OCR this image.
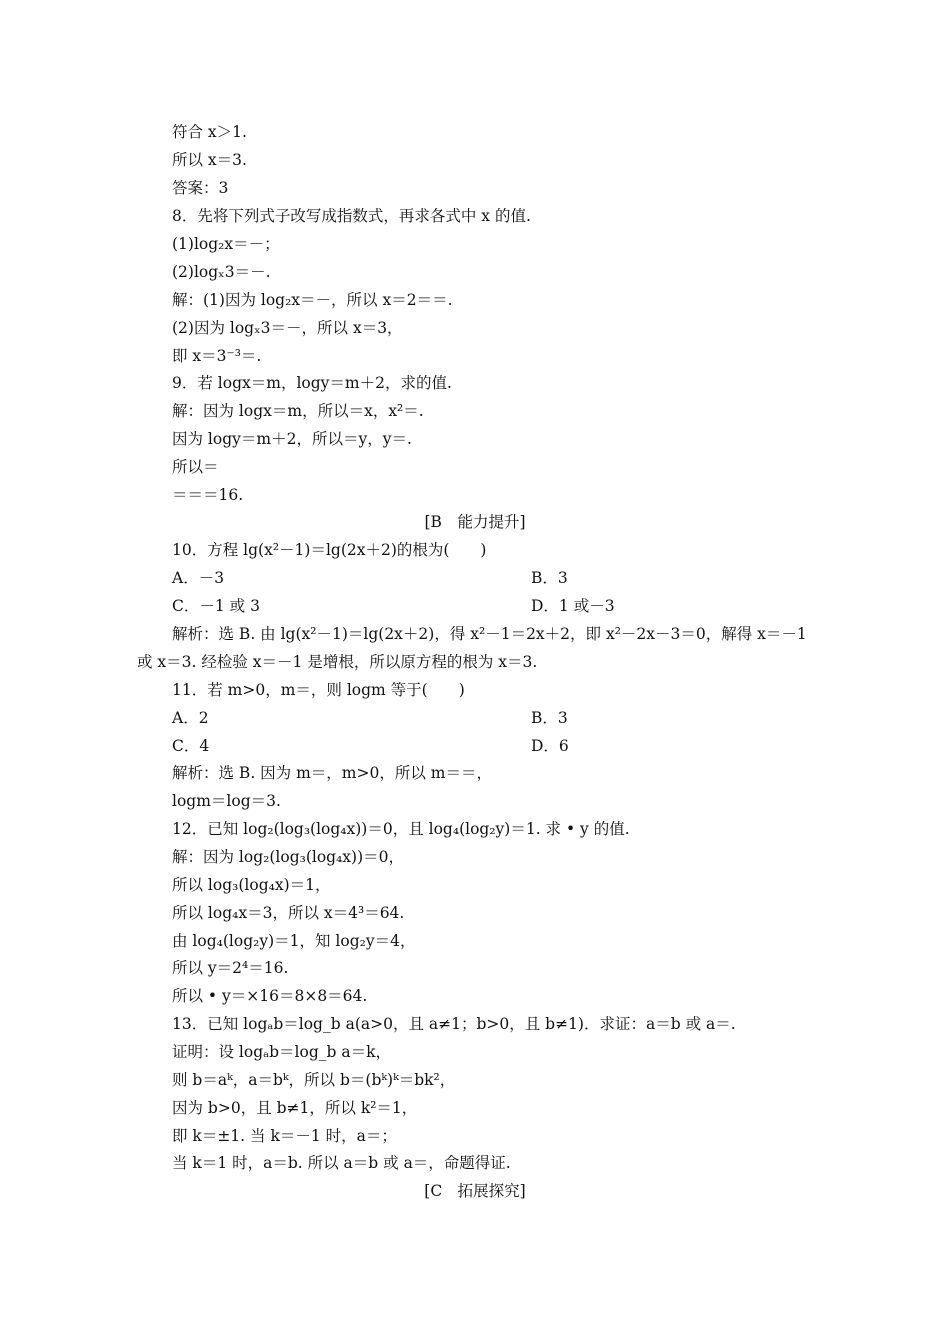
符合 x＞1.
所以 x＝3.
答案：3
8．先将下列式子改写成指数式，再求各式中 x 的值.
(1)log₂x＝－；
(2)logₓ3＝－.
解：(1)因为 log₂x＝－，所以 x＝2＝＝.
(2)因为 logₓ3＝－，所以 x＝3，
即 x＝3⁻³＝.
9．若 logx＝m，logy＝m＋2，求的值.
解：因为 logx＝m，所以＝x，x²＝.
因为 logy＝m＋2，所以＝y，y＝.
所以＝
＝＝＝16.
[B　能力提升]
10．方程 lg(x²－1)＝lg(2x＋2)的根为(　　)
A．－3	B．3
C．－1 或 3	D．1 或－3
解析：选 B. 由 lg(x²－1)＝lg(2x＋2)，得 x²－1＝2x＋2，即 x²－2x－3＝0，解得 x＝－1
或 x＝3. 经检验 x＝－1 是增根，所以原方程的根为 x＝3.
11．若 m>0，m＝，则 logm 等于(　　)
A．2	B．3
C．4	D．6
解析：选 B. 因为 m＝，m>0，所以 m＝＝，
logm＝log＝3.
12．已知 log₂(log₃(log₄x))＝0，且 log₄(log₂y)＝1. 求 • y 的值.
解：因为 log₂(log₃(log₄x))＝0，
所以 log₃(log₄x)＝1，
所以 log₄x＝3，所以 x＝4³＝64.
由 log₄(log₂y)＝1，知 log₂y＝4，
所以 y＝2⁴＝16.
所以 • y＝×16＝8×8＝64.
13．已知 logₐb＝log_b a(a>0，且 a≠1；b>0，且 b≠1)．求证：a＝b 或 a＝.
证明：设 logₐb＝log_b a＝k，
则 b＝aᵏ，a＝bᵏ，所以 b＝(bᵏ)ᵏ＝bk²，
因为 b>0，且 b≠1，所以 k²＝1，
即 k＝±1. 当 k＝－1 时，a＝；
当 k＝1 时，a＝b. 所以 a＝b 或 a＝，命题得证.
[C　拓展探究]
